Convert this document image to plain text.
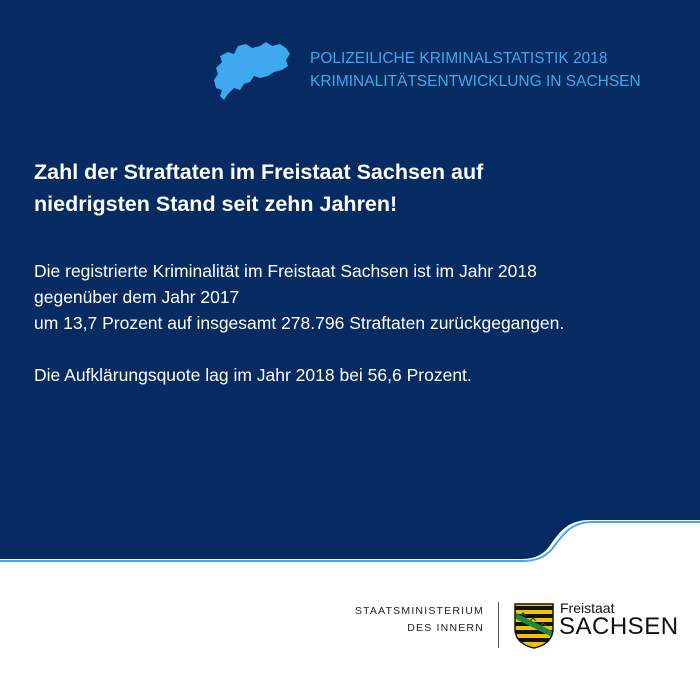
POLIZEILICHE KRIMINALSTATISTIK 2018
KRIMINALITÄTSENTWICKLUNG IN SACHSEN
Zahl der Straftaten im Freistaat Sachsen auf
niedrigsten Stand seit zehn Jahren!
Die registrierte Kriminalität im Freistaat Sachsen ist im Jahr 2018
gegenüber dem Jahr 2017
um 13,7 Prozent auf insgesamt 278.796 Straftaten zurückgegangen.
Die Aufklärungsquote lag im Jahr 2018 bei 56,6 Prozent.
STAATSMINISTERIUM
DES INNERN
Freistaat
SACHSEN
